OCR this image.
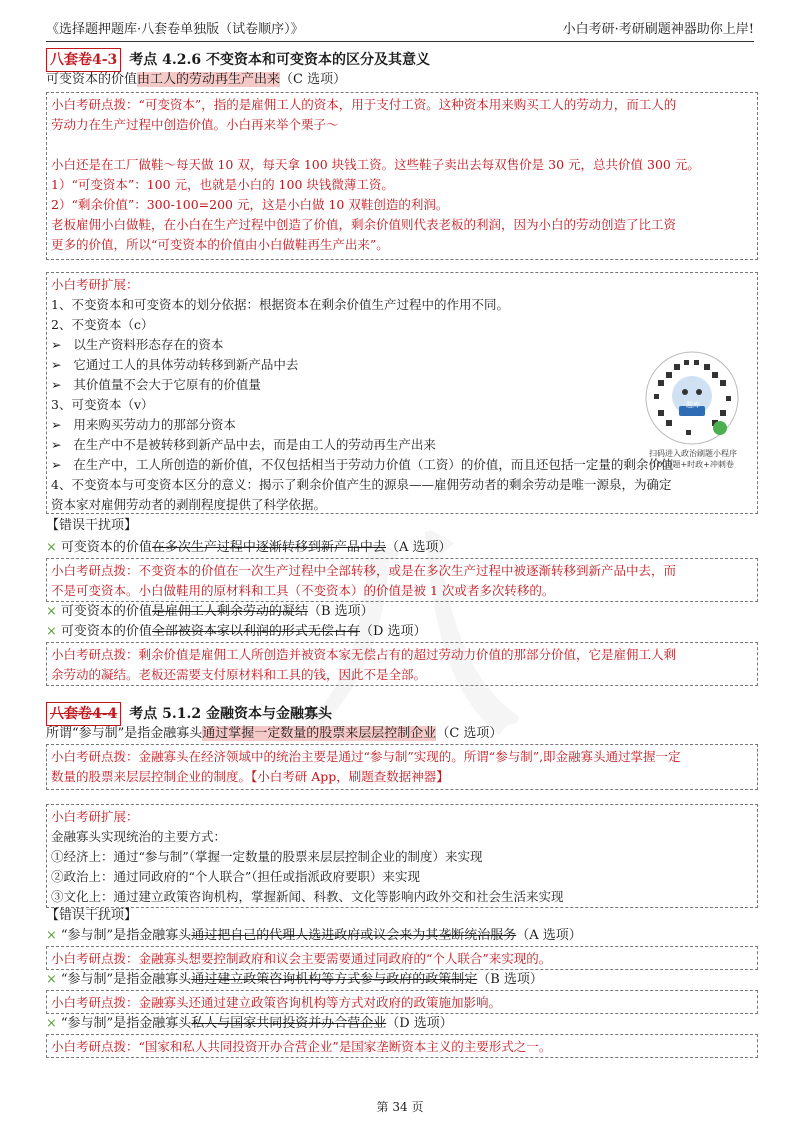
《选择题押题库·八套卷单独版（试卷顺序）》	小白考研·考研刷题神器助你上岸!
八套卷4-3 考点 4.2.6 不变资本和可变资本的区分及其意义
可变资本的价值由工人的劳动再生产出来（C 选项）
小白考研点拨：“可变资本”，指的是雇佣工人的资本，用于支付工资。这种资本用来购买工人的劳动力，而工人的
劳动力在生产过程中创造价值。小白再来举个栗子～

小白还是在工厂做鞋～每天做 10 双，每天拿 100 块钱工资。这些鞋子卖出去每双售价是 30 元，总共价值 300 元。
1）“可变资本”：100 元，也就是小白的 100 块钱微薄工资。
2）“剩余价值”：300-100=200 元，这是小白做 10 双鞋创造的利润。
老板雇佣小白做鞋，在小白在生产过程中创造了价值，剩余价值则代表老板的利润，因为小白的劳动创造了比工资
更多的价值，所以“可变资本的价值由小白做鞋再生产出来”。
小白考研扩展：
1、不变资本和可变资本的划分依据：根据资本在剩余价值生产过程中的作用不同。
2、不变资本（c）
➢ 以生产资料形态存在的资本
➢ 它通过工人的具体劳动转移到新产品中去
➢ 其价值量不会大于它原有的价值量
3、可变资本（v）
➢ 用来购买劳动力的那部分资本
➢ 在生产中不是被转移到新产品中去，而是由工人的劳动再生产出来
➢ 在生产中，工人所创造的新价值，不仅包括相当于劳动力价值（工资）的价值，而且还包括一定量的剩余价值
4、不变资本与可变资本区分的意义：揭示了剩余价值产生的源泉——雇佣劳动者的剩余劳动是唯一源泉，为确定
资本家对雇佣劳动者的剥削程度提供了科学依据。
题库
扫码进入政治刷题小程序
1000题+时政+冲刺卷
【错误干扰项】
× 可变资本的价值在多次生产过程中逐渐转移到新产品中去（A 选项）
小白考研点拨：不变资本的价值在一次生产过程中全部转移，或是在多次生产过程中被逐渐转移到新产品中去，而
不是可变资本。小白做鞋用的原材料和工具（不变资本）的价值是被 1 次或者多次转移的。
× 可变资本的价值是雇佣工人剩余劳动的凝结（B 选项）
× 可变资本的价值全部被资本家以利润的形式无偿占有（D 选项）
小白考研点拨：剩余价值是雇佣工人所创造并被资本家无偿占有的超过劳动力价值的那部分价值，它是雇佣工人剩
余劳动的凝结。老板还需要支付原材料和工具的钱，因此不是全部。
八套卷4-4 考点 5.1.2 金融资本与金融寡头
所谓“参与制”是指金融寡头通过掌握一定数量的股票来层层控制企业（C 选项）
小白考研点拨：金融寡头在经济领域中的统治主要是通过“参与制”实现的。所谓“参与制”,即金融寡头通过掌握一定
数量的股票来层层控制企业的制度。【小白考研 App，刷题查数据神器】
小白考研扩展：
金融寡头实现统治的主要方式：
①经济上：通过“参与制”（掌握一定数量的股票来层层控制企业的制度）来实现
②政治上：通过同政府的“个人联合”（担任或指派政府要职）来实现
③文化上：通过建立政策咨询机构，掌握新闻、科教、文化等影响内政外交和社会生活来实现
【错误干扰项】
× “参与制”是指金融寡头通过把自己的代理人选进政府或议会来为其垄断统治服务（A 选项）
小白考研点拨：金融寡头想要控制政府和议会主要需要通过同政府的“个人联合”来实现的。
× “参与制”是指金融寡头通过建立政策咨询机构等方式参与政府的政策制定（B 选项）
小白考研点拨：金融寡头还通过建立政策咨询机构等方式对政府的政策施加影响。
× “参与制”是指金融寡头私人与国家共同投资并办合营企业（D 选项）
小白考研点拨：“国家和私人共同投资开办合营企业”是国家垄断资本主义的主要形式之一。
第 34 页
